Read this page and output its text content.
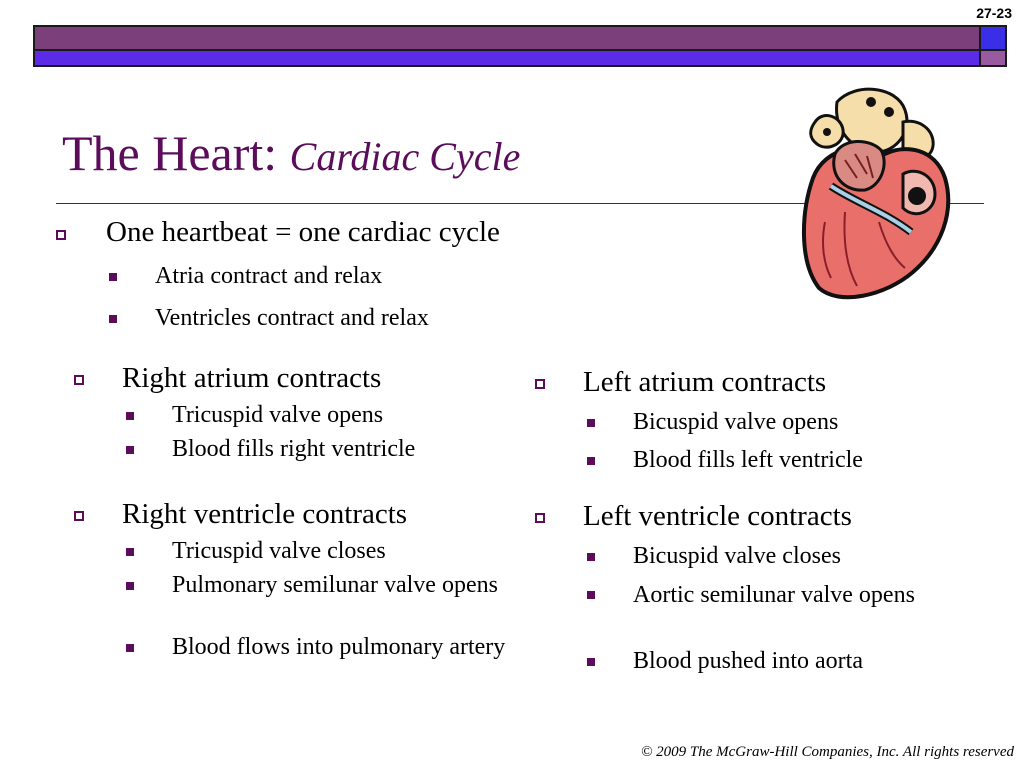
27-23
The Heart: Cardiac Cycle
One heartbeat = one cardiac cycle
Atria contract and relax
Ventricles contract and relax
Right atrium contracts
Tricuspid valve opens
Blood fills right ventricle
Right ventricle contracts
Tricuspid valve closes
Pulmonary semilunar valve opens
Blood flows into pulmonary artery
Left atrium contracts
Bicuspid valve opens
Blood fills left ventricle
Left ventricle contracts
Bicuspid valve closes
Aortic semilunar valve opens
Blood pushed into aorta
© 2009 The McGraw-Hill Companies, Inc. All rights reserved
